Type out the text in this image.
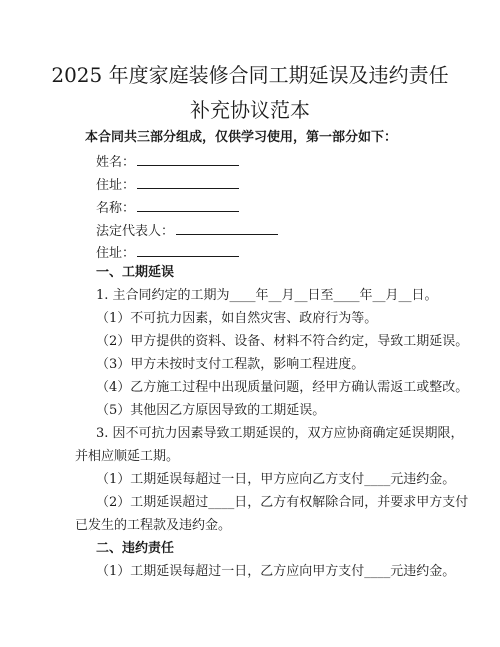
2025 年度家庭装修合同工期延误及违约责任
补充协议范本
本合同共三部分组成，仅供学习使用，第一部分如下：
姓名：
住址：
名称：
法定代表人：
住址：
一、工期延误
1. 主合同约定的工期为____年__月__日至____年__月__日。
（1）不可抗力因素，如自然灾害、政府行为等。
（2）甲方提供的资料、设备、材料不符合约定，导致工期延误。
（3）甲方未按时支付工程款，影响工程进度。
（4）乙方施工过程中出现质量问题，经甲方确认需返工或整改。
（5）其他因乙方原因导致的工期延误。
3. 因不可抗力因素导致工期延误的，双方应协商确定延误期限，
并相应顺延工期。
（1）工期延误每超过一日，甲方应向乙方支付____元违约金。
（2）工期延误超过____日，乙方有权解除合同，并要求甲方支付
已发生的工程款及违约金。
二、违约责任
（1）工期延误每超过一日，乙方应向甲方支付____元违约金。
